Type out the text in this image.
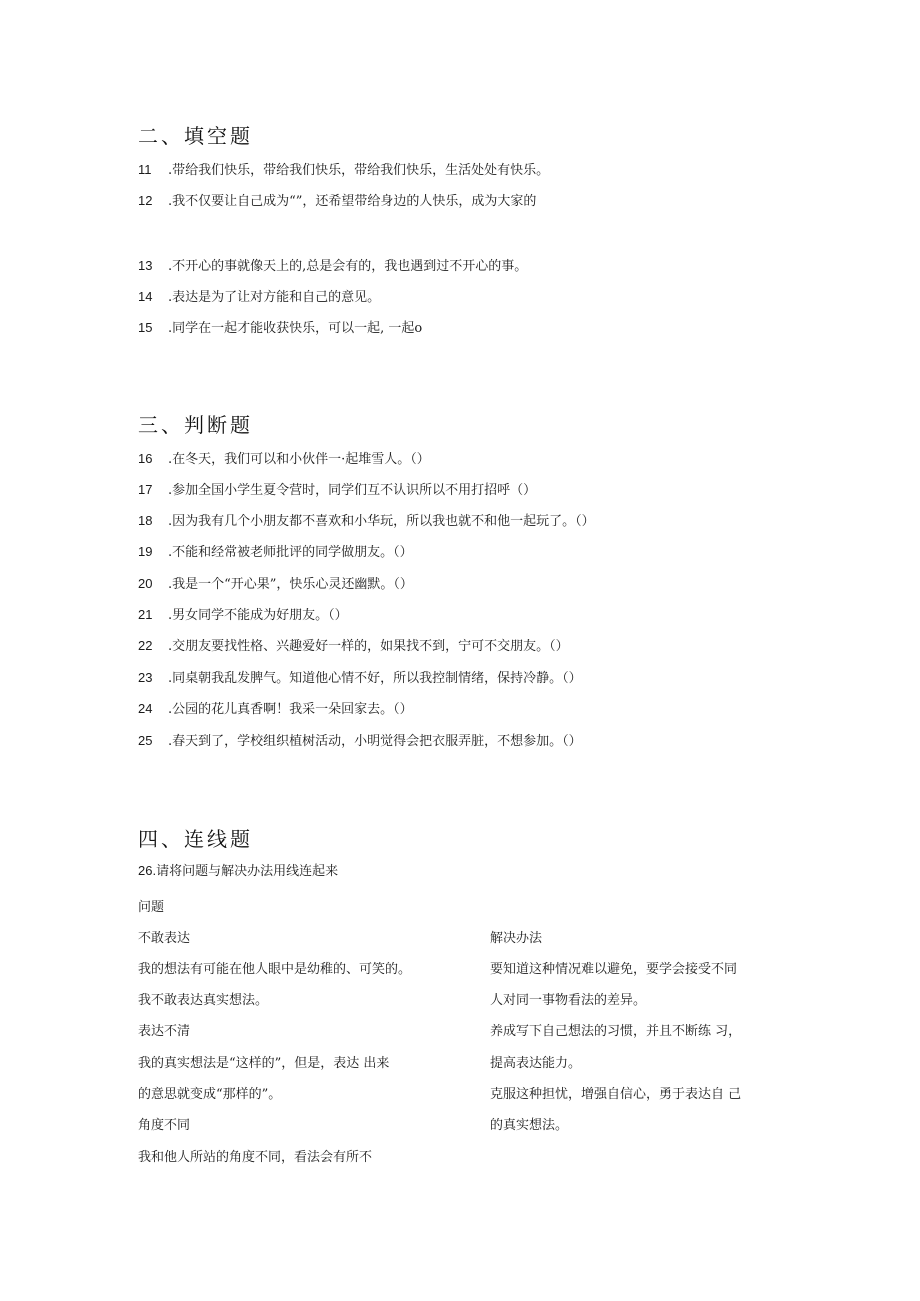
二、填空题
11 .带给我们快乐，带给我们快乐，带给我们快乐，生活处处有快乐。
12 .我不仅要让自己成为“”，还希望带给身边的人快乐，成为大家的
13 .不开心的事就像天上的,总是会有的，我也遇到过不开心的事。
14 .表达是为了让对方能和自己的意见。
15 .同学在一起才能收获快乐，可以一起, 一起o
三、判断题
16 .在冬天，我们可以和小伙伴一·起堆雪人。（）
17 .参加全国小学生夏令营时，同学们互不认识所以不用打招呼（）
18 .因为我有几个小朋友都不喜欢和小华玩，所以我也就不和他一起玩了。（）
19 .不能和经常被老师批评的同学做朋友。（）
20 .我是一个“开心果”，快乐心灵还幽默。（）
21 .男女同学不能成为好朋友。（）
22 .交朋友要找性格、兴趣爱好一样的，如果找不到，宁可不交朋友。（）
23 .同桌朝我乱发脾气。知道他心情不好，所以我控制情绪，保持冷静。（）
24 .公园的花儿真香啊！我采一朵回家去。（）
25 .春天到了，学校组织植树活动，小明觉得会把衣服弄脏，不想参加。（）
四、连线题
26.请将问题与解决办法用线连起来
问题
不敢表达
我的想法有可能在他人眼中是幼稚的、可笑的。
我不敢表达真实想法。
表达不清
我的真实想法是“这样的”，但是，表达 出来
的意思就变成“那样的”。
角度不同
我和他人所站的角度不同，看法会有所不
解决办法
要知道这种情况难以避免，要学会接受不同
人对同一事物看法的差异。
养成写下自己想法的习惯，并且不断练 习，
提高表达能力。
克服这种担忧，增强自信心，勇于表达自 己
的真实想法。
